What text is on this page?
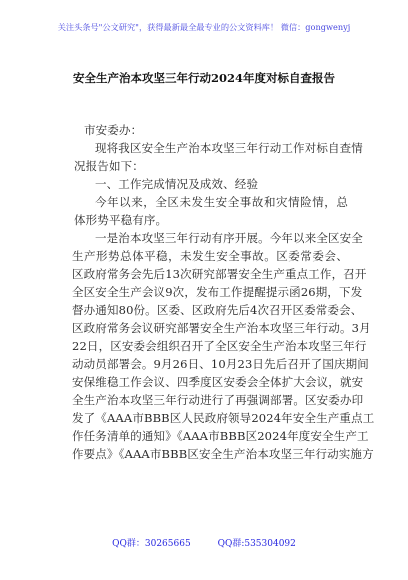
关注头条号"公文研究"，获得最新最全最专业的公文资料库！ 微信：gongwenyj
安全生产治本攻坚三年行动2024年度对标自查报告
市安委办：
现将我区安全生产治本攻坚三年行动工作对标自查情
况报告如下：
一、工作完成情况及成效、经验
今年以来，全区未发生安全事故和灾情险情，总
体形势平稳有序。
一是治本攻坚三年行动有序开展。今年以来全区安全
生产形势总体平稳，未发生安全事故。区委常委会、
区政府常务会先后13次研究部署安全生产重点工作，召开
全区安全生产会议9次，发布工作提醒提示函26期，下发
督办通知80份。区委、区政府先后4次召开区委常委会、
区政府常务会议研究部署安全生产治本攻坚三年行动。3月
22日，区安委会组织召开了全区安全生产治本攻坚三年行
动动员部署会。9月26日、10月23日先后召开了国庆期间
安保维稳工作会议、四季度区安委会全体扩大会议，就安
全生产治本攻坚三年行动进行了再强调部署。区安委办印
发了《AAA市BBB区人民政府领导2024年安全生产重点工
作任务清单的通知》《AAA市BBB区2024年度安全生产工
作要点》《AAA市BBB区安全生产治本攻坚三年行动实施方
QQ群：30265665	QQ群:535304092
